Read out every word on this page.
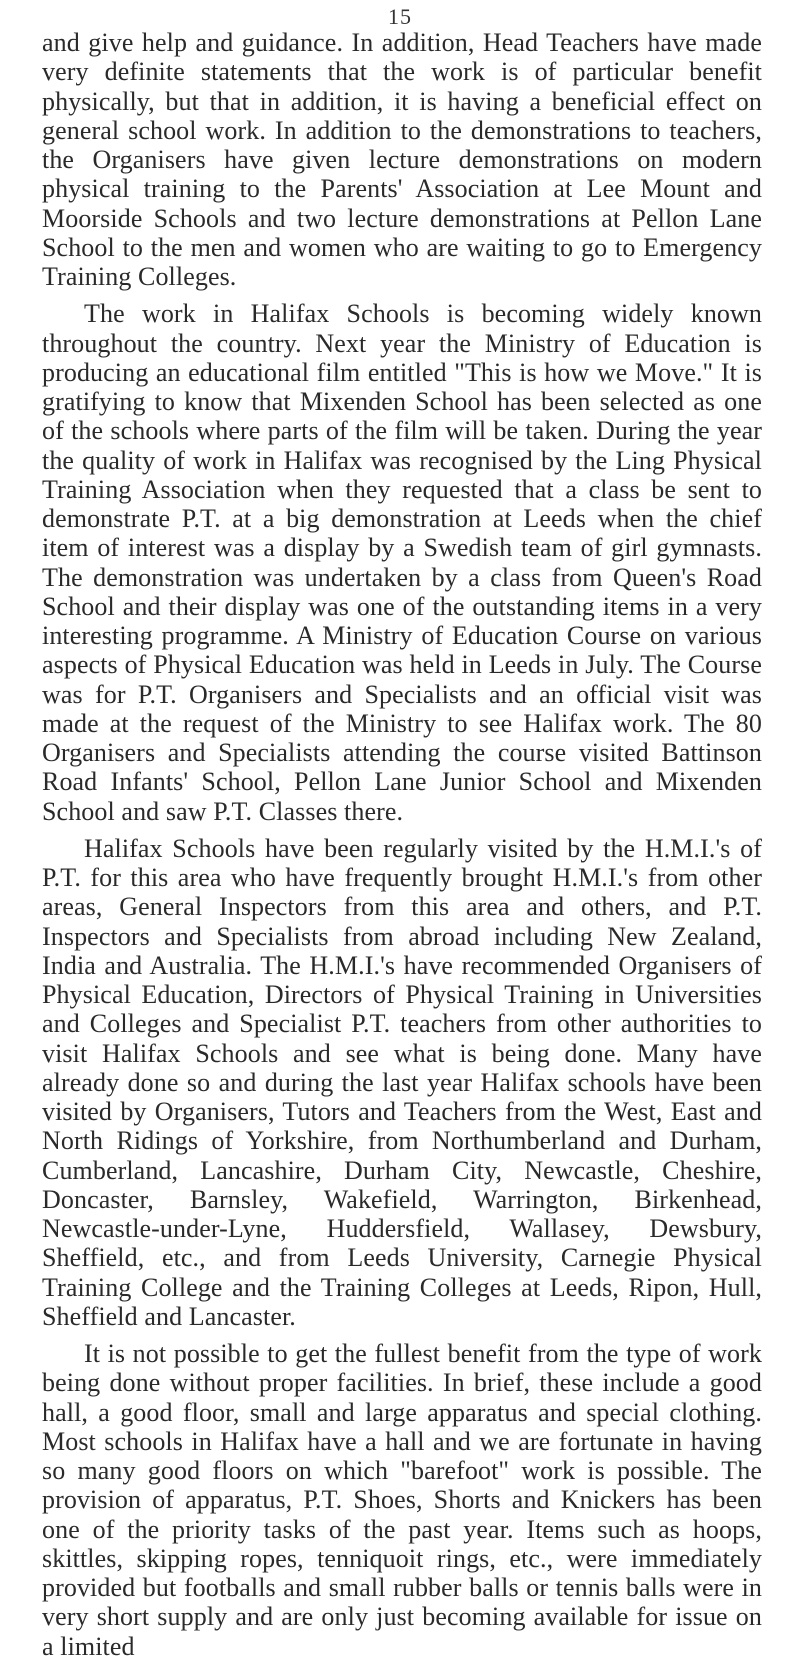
15

and give help and guidance. In addition, Head Teachers have made very definite statements that the work is of particular benefit physically, but that in addition, it is having a beneficial effect on general school work. In addition to the demonstrations to teachers, the Organisers have given lecture demonstrations on modern physical training to the Parents' Association at Lee Mount and Moorside Schools and two lecture demonstrations at Pellon Lane School to the men and women who are waiting to go to Emergency Training Colleges.

The work in Halifax Schools is becoming widely known throughout the country. Next year the Ministry of Education is producing an educational film entitled "This is how we Move." It is gratifying to know that Mixenden School has been selected as one of the schools where parts of the film will be taken. During the year the quality of work in Halifax was recognised by the Ling Physical Training Association when they requested that a class be sent to demonstrate P.T. at a big demonstration at Leeds when the chief item of interest was a display by a Swedish team of girl gymnasts. The demonstration was undertaken by a class from Queen's Road School and their display was one of the outstanding items in a very interesting programme. A Ministry of Education Course on various aspects of Physical Education was held in Leeds in July. The Course was for P.T. Organisers and Specialists and an official visit was made at the request of the Ministry to see Halifax work. The 80 Organisers and Specialists attending the course visited Battinson Road Infants' School, Pellon Lane Junior School and Mixenden School and saw P.T. Classes there.

Halifax Schools have been regularly visited by the H.M.I.'s of P.T. for this area who have frequently brought H.M.I.'s from other areas, General Inspectors from this area and others, and P.T. Inspectors and Specialists from abroad including New Zealand, India and Australia. The H.M.I.'s have recommended Organisers of Physical Education, Directors of Physical Training in Universities and Colleges and Specialist P.T. teachers from other authorities to visit Halifax Schools and see what is being done. Many have already done so and during the last year Halifax schools have been visited by Organisers, Tutors and Teachers from the West, East and North Ridings of Yorkshire, from Northumberland and Durham, Cumberland, Lancashire, Durham City, Newcastle, Cheshire, Doncaster, Barnsley, Wakefield, Warrington, Birkenhead, Newcastle-under-Lyne, Huddersfield, Wallasey, Dewsbury, Sheffield, etc., and from Leeds University, Carnegie Physical Training College and the Training Colleges at Leeds, Ripon, Hull, Sheffield and Lancaster.

It is not possible to get the fullest benefit from the type of work being done without proper facilities. In brief, these include a good hall, a good floor, small and large apparatus and special clothing. Most schools in Halifax have a hall and we are fortunate in having so many good floors on which "barefoot" work is possible. The provision of apparatus, P.T. Shoes, Shorts and Knickers has been one of the priority tasks of the past year. Items such as hoops, skittles, skipping ropes, tenniquoit rings, etc., were immediately provided but footballs and small rubber balls or tennis balls were in very short supply and are only just becoming available for issue on a limited
